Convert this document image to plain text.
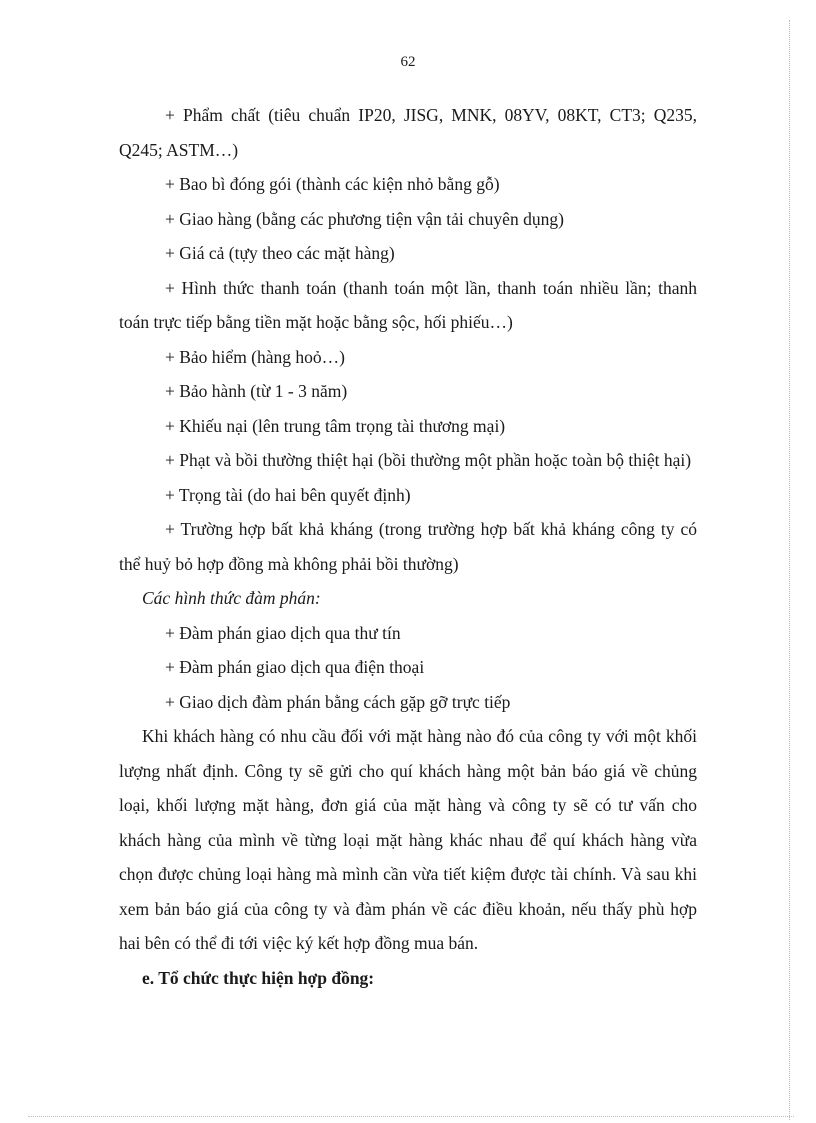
62

+ Phẩm chất (tiêu chuẩn IP20, JISG, MNK, 08YV, 08KT, CT3; Q235, Q245; ASTM…)

+ Bao bì đóng gói (thành các kiện nhỏ bằng gỗ)

+ Giao hàng (bằng các phương tiện vận tải chuyên dụng)

+ Giá cả (tựy theo các mặt hàng)

+ Hình thức thanh toán (thanh toán một lần, thanh toán nhiều lần; thanh toán trực tiếp bằng tiền mặt hoặc bằng sộc, hối phiếu…)

+ Bảo hiểm (hàng hoỏ…)

+ Bảo hành (từ 1 - 3 năm)

+ Khiếu nại (lên trung tâm trọng tài thương mại)

+ Phạt và bồi thường thiệt hại (bồi thường một phần hoặc toàn bộ thiệt hại)

+ Trọng tài (do hai bên quyết định)

+ Trường hợp bất khả kháng (trong trường hợp bất khả kháng công ty có thể huỷ bỏ hợp đồng mà không phải bồi thường)

Các hình thức đàm phán:

+ Đàm phán giao dịch qua thư tín

+ Đàm phán giao dịch qua điện thoại

+ Giao dịch đàm phán bằng cách gặp gỡ trực tiếp

Khi khách hàng có nhu cầu đối với mặt hàng nào đó của công ty với một khối lượng nhất định. Công ty sẽ gửi cho quí khách hàng một bản báo giá về chủng loại, khối lượng mặt hàng, đơn giá của mặt hàng và công ty sẽ có tư vấn cho khách hàng của mình về từng loại mặt hàng khác nhau để quí khách hàng vừa chọn được chủng loại hàng mà mình cần vừa tiết kiệm được tài chính. Và sau khi xem bản báo giá của công ty và đàm phán về các điều khoản, nếu thấy phù hợp hai bên có thể đi tới việc ký kết hợp đồng mua bán.

e. Tổ chức thực hiện hợp đồng:
